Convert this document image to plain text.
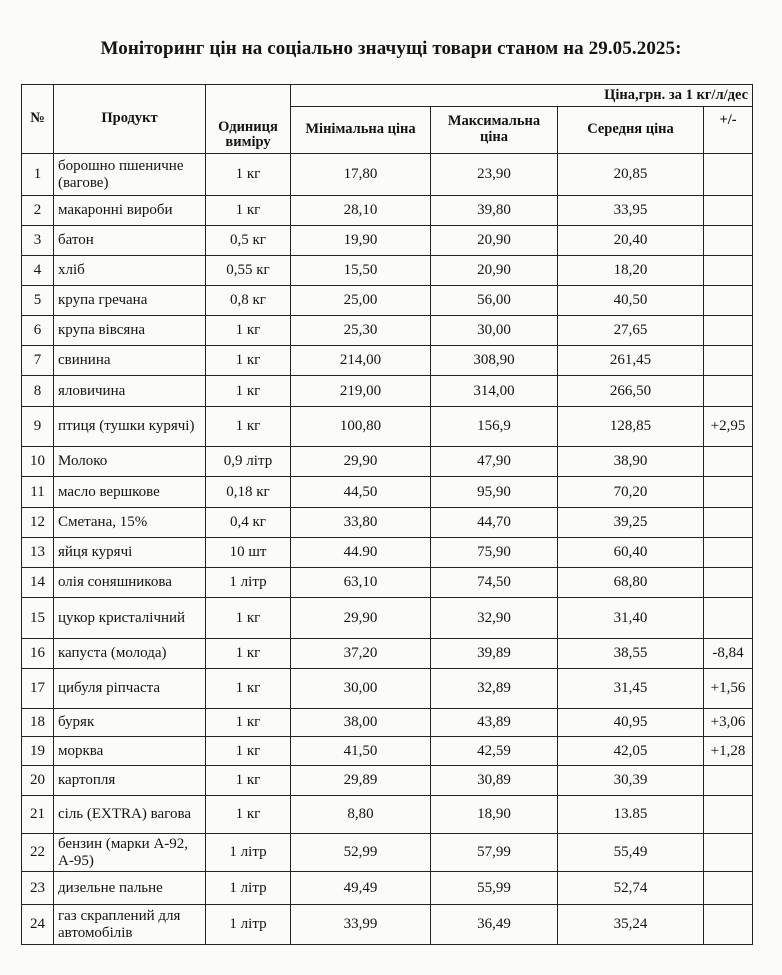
Моніторинг цін на соціально значущі товари станом на 29.05.2025:
№	Продукт	Одиниця виміру	Ціна,грн. за 1 кг/л/дес			
			Мінімальна ціна	Максимальна ціна	Середня ціна	+/-
1	борошно пшеничне (вагове)	1 кг	17,80	23,90	20,85	
2	макаронні вироби	1 кг	28,10	39,80	33,95	
3	батон	0,5 кг	19,90	20,90	20,40	
4	хліб	0,55 кг	15,50	20,90	18,20	
5	крупа гречана	0,8 кг	25,00	56,00	40,50	
6	крупа вівсяна	1 кг	25,30	30,00	27,65	
7	свинина	1 кг	214,00	308,90	261,45	
8	яловичина	1 кг	219,00	314,00	266,50	
9	птиця (тушки курячі)	1 кг	100,80	156,9	128,85	+2,95
10	Молоко	0,9 літр	29,90	47,90	38,90	
11	масло вершкове	0,18 кг	44,50	95,90	70,20	
12	Сметана, 15%	0,4 кг	33,80	44,70	39,25	
13	яйця курячі	10 шт	44.90	75,90	60,40	
14	олія соняшникова	1 літр	63,10	74,50	68,80	
15	цукор кристалічний	1 кг	29,90	32,90	31,40	
16	капуста (молода)	1 кг	37,20	39,89	38,55	-8,84
17	цибуля ріпчаста	1 кг	30,00	32,89	31,45	+1,56
18	буряк	1 кг	38,00	43,89	40,95	+3,06
19	морква	1 кг	41,50	42,59	42,05	+1,28
20	картопля	1 кг	29,89	30,89	30,39	
21	сіль (EXTRA) вагова	1 кг	8,80	18,90	13.85	
22	бензин (марки А-92, А-95)	1 літр	52,99	57,99	55,49	
23	дизельне пальне	1 літр	49,49	55,99	52,74	
24	газ скраплений для автомобілів	1 літр	33,99	36,49	35,24	
